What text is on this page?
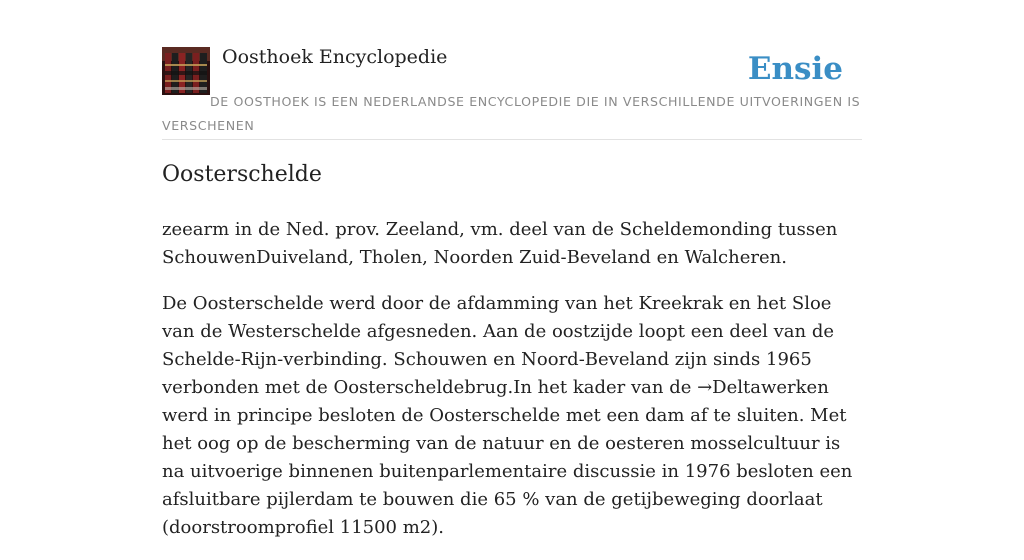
Oosthoek Encyclopedie	Ensie

DE OOSTHOEK IS EEN NEDERLANDSE ENCYCLOPEDIE DIE IN VERSCHILLENDE UITVOERINGEN IS VERSCHENEN

Oosterschelde

zeearm in de Ned. prov. Zeeland, vm. deel van de Scheldemonding tussen SchouwenDuiveland, Tholen, Noorden Zuid-Beveland en Walcheren.

De Oosterschelde werd door de afdamming van het Kreekrak en het Sloe van de Westerschelde afgesneden. Aan de oostzijde loopt een deel van de Schelde-Rijn-verbinding. Schouwen en Noord-Beveland zijn sinds 1965 verbonden met de Oosterscheldebrug.In het kader van de →Deltawerken werd in principe besloten de Oosterschelde met een dam af te sluiten. Met het oog op de bescherming van de natuur en de oesteren mosselcultuur is na uitvoerige binnenen buitenparlementaire discussie in 1976 besloten een afsluitbare pijlerdam te bouwen die 65 % van de getijbeweging doorlaat (doorstroomprofiel 11500 m2).
